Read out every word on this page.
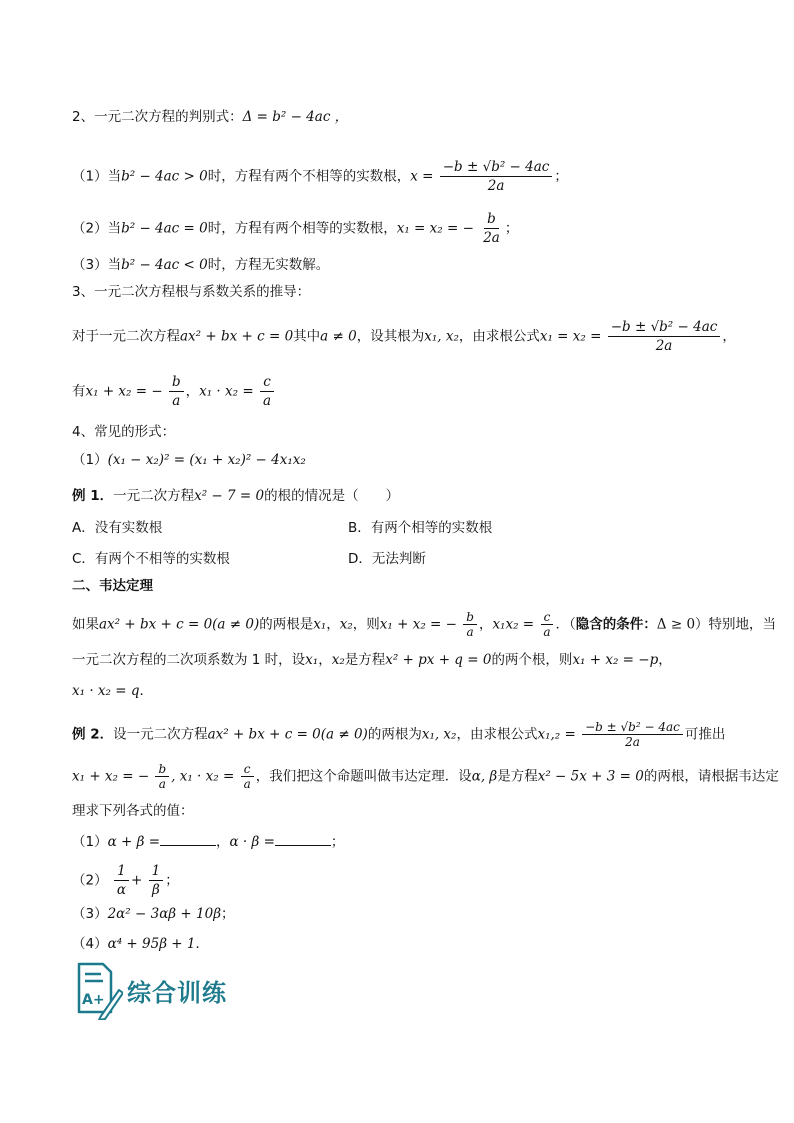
2、一元二次方程的判别式：Δ = b² − 4ac ，
（1）当b² − 4ac > 0时，方程有两个不相等的实数根，$x = \frac{\text{−b ± √b² − 4ac}}{2a}$ ；
（2）当b² − 4ac = 0时，方程有两个相等的实数根，x₁ = x₂ = − $\frac{b}{2a}$ ；
（3）当b² − 4ac < 0时，方程无实数解。
3、一元二次方程根与系数关系的推导：
对于一元二次方程ax² + bx + c = 0其中a ≠ 0，设其根为x₁, x₂，由求根公式$x_1 = x_2 = \frac{\text{−b ± √b² − 4ac}}{2a}$ ，
有x₁ + x₂ = − $\frac{b}{a}$ ，$x_1 \cdot x_2 = \frac{c}{a}$
4、常见的形式：
（1）(x₁ − x₂)² = (x₁ + x₂)² − 4x₁x₂
例 1．一元二次方程x² − 7 = 0的根的情况是（　　）
A．没有实数根	B．有两个相等的实数根
C．有两个不相等的实数根	D．无法判断
二、韦达定理
如果ax² + bx + c = 0(a ≠ 0)的两根是x₁，x₂，则x₁ + x₂ = − $\frac{b}{a}$ ，$x_1x_2 = \frac{c}{a}$ ．（隐含的条件：Δ ≥ 0）特别地，当
一元二次方程的二次项系数为 1 时，设x₁，x₂是方程x² + px + q = 0的两个根，则x₁ + x₂ = −p，
x₁ · x₂ = q．
例 2．设一元二次方程ax² + bx + c = 0(a ≠ 0)的两根为x₁, x₂，由求根公式$x_1,_2 = \frac{\text{−b ± √b² − 4ac}}{2a}$ 可推出
x₁ + x₂ = − $\frac{b}{a}$ , $x_1 \cdot x_2 = \frac{c}{a}$ ，我们把这个命题叫做韦达定理．设α, β是方程x² − 5x + 3 = 0的两根，请根据韦达定
理求下列各式的值：
（1）α + β =	，α · β =	；
$(2) \frac{1}{\alpha} + \frac{1}{\beta}$ ；
（3）2α² − 3αβ + 10β；
（4）α⁴ + 95β + 1．
A+ 综合训练
